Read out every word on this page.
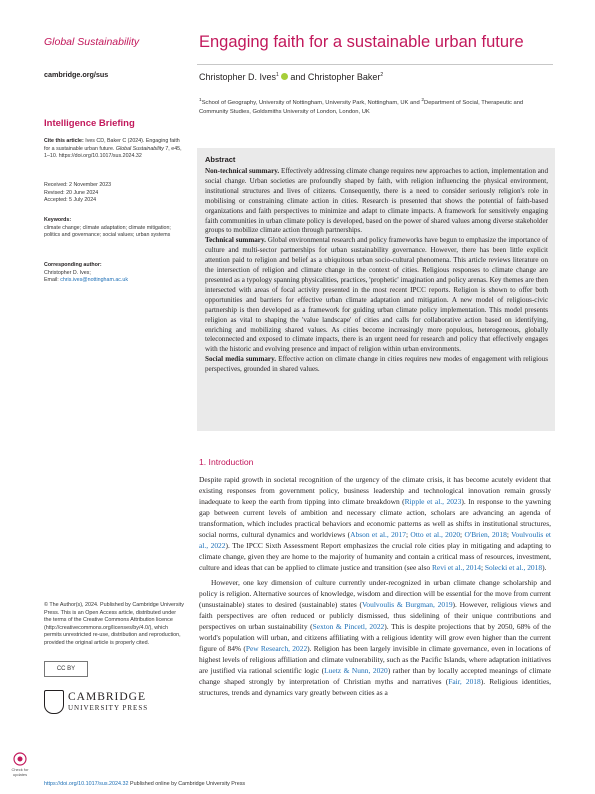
Global Sustainability	Engaging faith for a sustainable urban future
cambridge.org/sus	Christopher D. Ives$^1$ and Christopher Baker$^2$
$^1$School of Geography, University of Nottingham, University Park, Nottingham, UK and $^2$Department of Social, Therapeutic and Community Studies, Goldsmiths University of London, London, UK
Intelligence Briefing
Cite this article: Ives CD, Baker C (2024). Engaging faith for a sustainable urban future. Global Sustainability 7, e45, 1–10. https://doi.org/10.1017/sus.2024.32
Received: 2 November 2023
Revised: 20 June 2024
Accepted: 5 July 2024
Keywords:
climate change; climate adaptation; climate mitigation; politics and governance; social values; urban systems
Corresponding author:
Christopher D. Ives;
Email: chris.ives@nottingham.ac.uk
© The Author(s), 2024. Published by Cambridge University Press. This is an Open Access article, distributed under the terms of the Creative Commons Attribution licence (http://creativecommons.org/licenses/by/4.0/), which permits unrestricted re-use, distribution and reproduction, provided the original article is properly cited.
CC BY
CAMBRIDGE
UNIVERSITY PRESS
Check for updates
Abstract
Non-technical summary. Effectively addressing climate change requires new approaches to action, implementation and social change. Urban societies are profoundly shaped by faith, with religion influencing the physical environment, institutional structures and lives of citizens. Consequently, there is a need to consider seriously religion's role in mobilising or constraining climate action in cities. Research is presented that shows the potential of faith-based organizations and faith perspectives to minimize and adapt to climate impacts. A framework for sensitively engaging faith communities in urban climate policy is developed, based on the power of shared values among diverse stakeholder groups to mobilize climate action through partnerships.
Technical summary. Global environmental research and policy frameworks have begun to emphasize the importance of culture and multi-sector partnerships for urban sustainability governance. However, there has been little explicit attention paid to religion and belief as a ubiquitous urban socio-cultural phenomena. This article reviews literature on the intersection of religion and climate change in the context of cities. Religious responses to climate change are presented as a typology spanning physicalities, practices, 'prophetic' imagination and policy arenas. Key themes are then intersected with areas of focal activity presented in the most recent IPCC reports. Religion is shown to offer both opportunities and barriers for effective urban climate adaptation and mitigation. A new model of religious-civic partnership is then developed as a framework for guiding urban climate policy implementation. This model presents religion as vital to shaping the 'value landscape' of cities and calls for collaborative action based on identifying, enriching and mobilizing shared values. As cities become increasingly more populous, heterogeneous, globally teleconnected and exposed to climate impacts, there is an urgent need for research and policy that effectively engages with the historic and evolving presence and impact of religion within urban environments.
Social media summary. Effective action on climate change in cities requires new modes of engagement with religious perspectives, grounded in shared values.
1. Introduction
Despite rapid growth in societal recognition of the urgency of the climate crisis, it has become acutely evident that existing responses from government policy, business leadership and technological innovation remain grossly inadequate to keep the earth from tipping into climate breakdown (Ripple et al., 2023). In response to the yawning gap between current levels of ambition and necessary climate action, scholars are advancing an agenda of transformation, which includes practical behaviors and economic patterns as well as shifts in institutional structures, social norms, cultural dynamics and worldviews (Abson et al., 2017; Otto et al., 2020; O'Brien, 2018; Voulvoulis et al., 2022). The IPCC Sixth Assessment Report emphasizes the crucial role cities play in mitigating and adapting to climate change, given they are home to the majority of humanity and contain a critical mass of resources, investment, culture and ideas that can be applied to climate justice and transition (see also Revi et al., 2014; Solecki et al., 2018).
However, one key dimension of culture currently under-recognized in urban climate change scholarship and policy is religion. Alternative sources of knowledge, wisdom and direction will be essential for the move from current (unsustainable) states to desired (sustainable) states (Voulvoulis & Burgman, 2019). However, religious views and faith perspectives are often reduced or publicly dismissed, thus sidelining of their unique contributions and perspectives on urban sustainability (Sexton & Pincetl, 2022). This is despite projections that by 2050, 68% of the world's population will urban, and citizens affiliating with a religious identity will grow even higher than the current figure of 84% (Pew Research, 2022). Religion has been largely invisible in climate governance, even in locations of highest levels of religious affiliation and climate vulnerability, such as the Pacific Islands, where adaptation initiatives are justified via rational scientific logic (Luetz & Nunn, 2020) rather than by locally accepted meanings of climate change shaped strongly by interpretation of Christian myths and narratives (Fair, 2018). Religious identities, structures, trends and dynamics vary greatly between cities as a
https://doi.org/10.1017/sus.2024.32 Published online by Cambridge University Press
